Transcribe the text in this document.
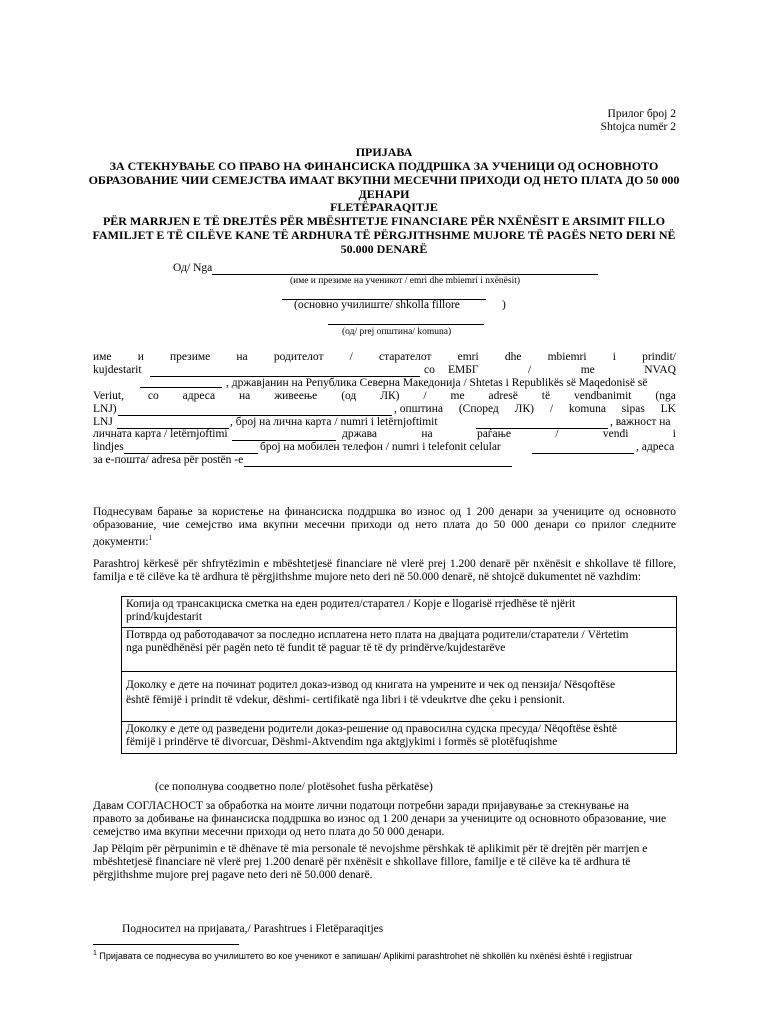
Прилог број 2
Shtojca numër 2
ПРИЈАВА
ЗА СТЕКНУВАЊЕ СО ПРАВО НА ФИНАНСИСКА ПОДДРШКА ЗА УЧЕНИЦИ ОД ОСНОВНОТО
ОБРАЗОВАНИЕ ЧИИ СЕМЕЈСТВА ИМААТ ВКУПНИ МЕСЕЧНИ ПРИХОДИ ОД НЕТО ПЛАТА ДО 50 000
ДЕНАРИ
FLETËPARAQITJE
PËR MARRJEN E TË DREJTËS PËR MBËSHTETJE FINANCIARE PËR NXËNËSIT E ARSIMIT FILLO
FAMILJET E TË CILËVE KANE TË ARDHURA TË PËRGJITHSHME MUJORE TË PAGËS NETO DERI NË
50.000 DENARË
Од/ Nga
(име и презиме на ученикот / emri dhe mbiemri i nxënësit)
(основно училиште/ shkolla fillore	)
(од/ prej општина/ komuna)
име и презиме на родителот / старателот emri dhe mbiemri i prindit/
kujdestarit	со ЕМБГ	/	me	NVAQ
, државјанин на Република Северна Македонија / Shtetas i Republikës së Maqedonisë së
Veriut, со адреса на живеење (од ЛК) / me adresë të vendbanimit (nga
LNJ)	, општина (Според ЛК) / komuna sipas LK
LNJ	, број на лична карта / numri i letërnjoftimit	, важност на
личната карта / letërnjoftimi	држава	на	раѓање	/	vendi	i
lindjes	број на мобилен телефон / numri i telefonit celular	, адреса
за е-пошта/ adresa për postën -е
Поднесувам барање за користење на финансиска поддршка во износ од 1 200 денари за учениците од основното
образование, чие семејство има вкупни месечни приходи од нето плата до 50 000 денари со прилог следните
документи:$^1$
Parashtroj kërkesë për shfrytëzimin e mbështetjesë financiare në vlerë prej 1.200 denarë për nxënësit e shkollave të fillore,
familja e të cilëve ka të ardhura të përgjithshme mujore neto deri në 50.000 denarë, në shtojcë dukumentet në vazhdim:
Копија од трансакциска сметка на еден родител/старател / Kopje e llogarisë rrjedhëse të njërit
prind/kujdestarit

Потврда од работодавачот за последно исплатена нето плата на двајцата родители/старатели / Vërtetim
nga punëdhënësi për pagën neto të fundit të paguar të të dy prindërve/kujdestarëve

Доколку е дете на починат родител доказ-извод од книгата на умрените и чек од пензија/ Nësqoftëse
është fëmijë i prindit të vdekur, dëshmi- certifikatë nga libri i të vdeukrtve dhe çeku i pensionit.

Доколку е дете од разведени родители доказ-решение од правосилна судска пресуда/ Nëqoftëse është
fëmijë i prindërve të divorcuar, Dëshmi-Aktvendim nga aktgjykimi i formës së plotëfuqishme
(се пополнува соодветно поле/ plotësohet fusha përkatëse)
Давам СОГЛАСНОСТ за обработка на моите лични податоци потребни заради пријавување за стекнување на
правото за добивање на финансиска поддршка во износ од 1 200 денари за учениците од основното образование, чие
семејство има вкупни месечни приходи од нето плата до 50 000 денари.
Jap Pëlqim për përpunimin e të dhënave të mia personale të nevojshme përshkak të aplikimit për të drejtën për marrjen e
mbështetjesë financiare në vlerë prej 1.200 denarë për nxënësit e shkollave fillore, familje e të cilëve ka të ardhura të
përgjithshme mujore prej pagave neto deri në 50.000 denarë.
Подносител на пријавата,/ Parashtrues i Fletëparaqitjes
$^1$ Пријавата се поднесува во училиштето во кое ученикот е запишан/ Aplikimi parashtrohet në shkollën ku nxënësi është i regjistruar
